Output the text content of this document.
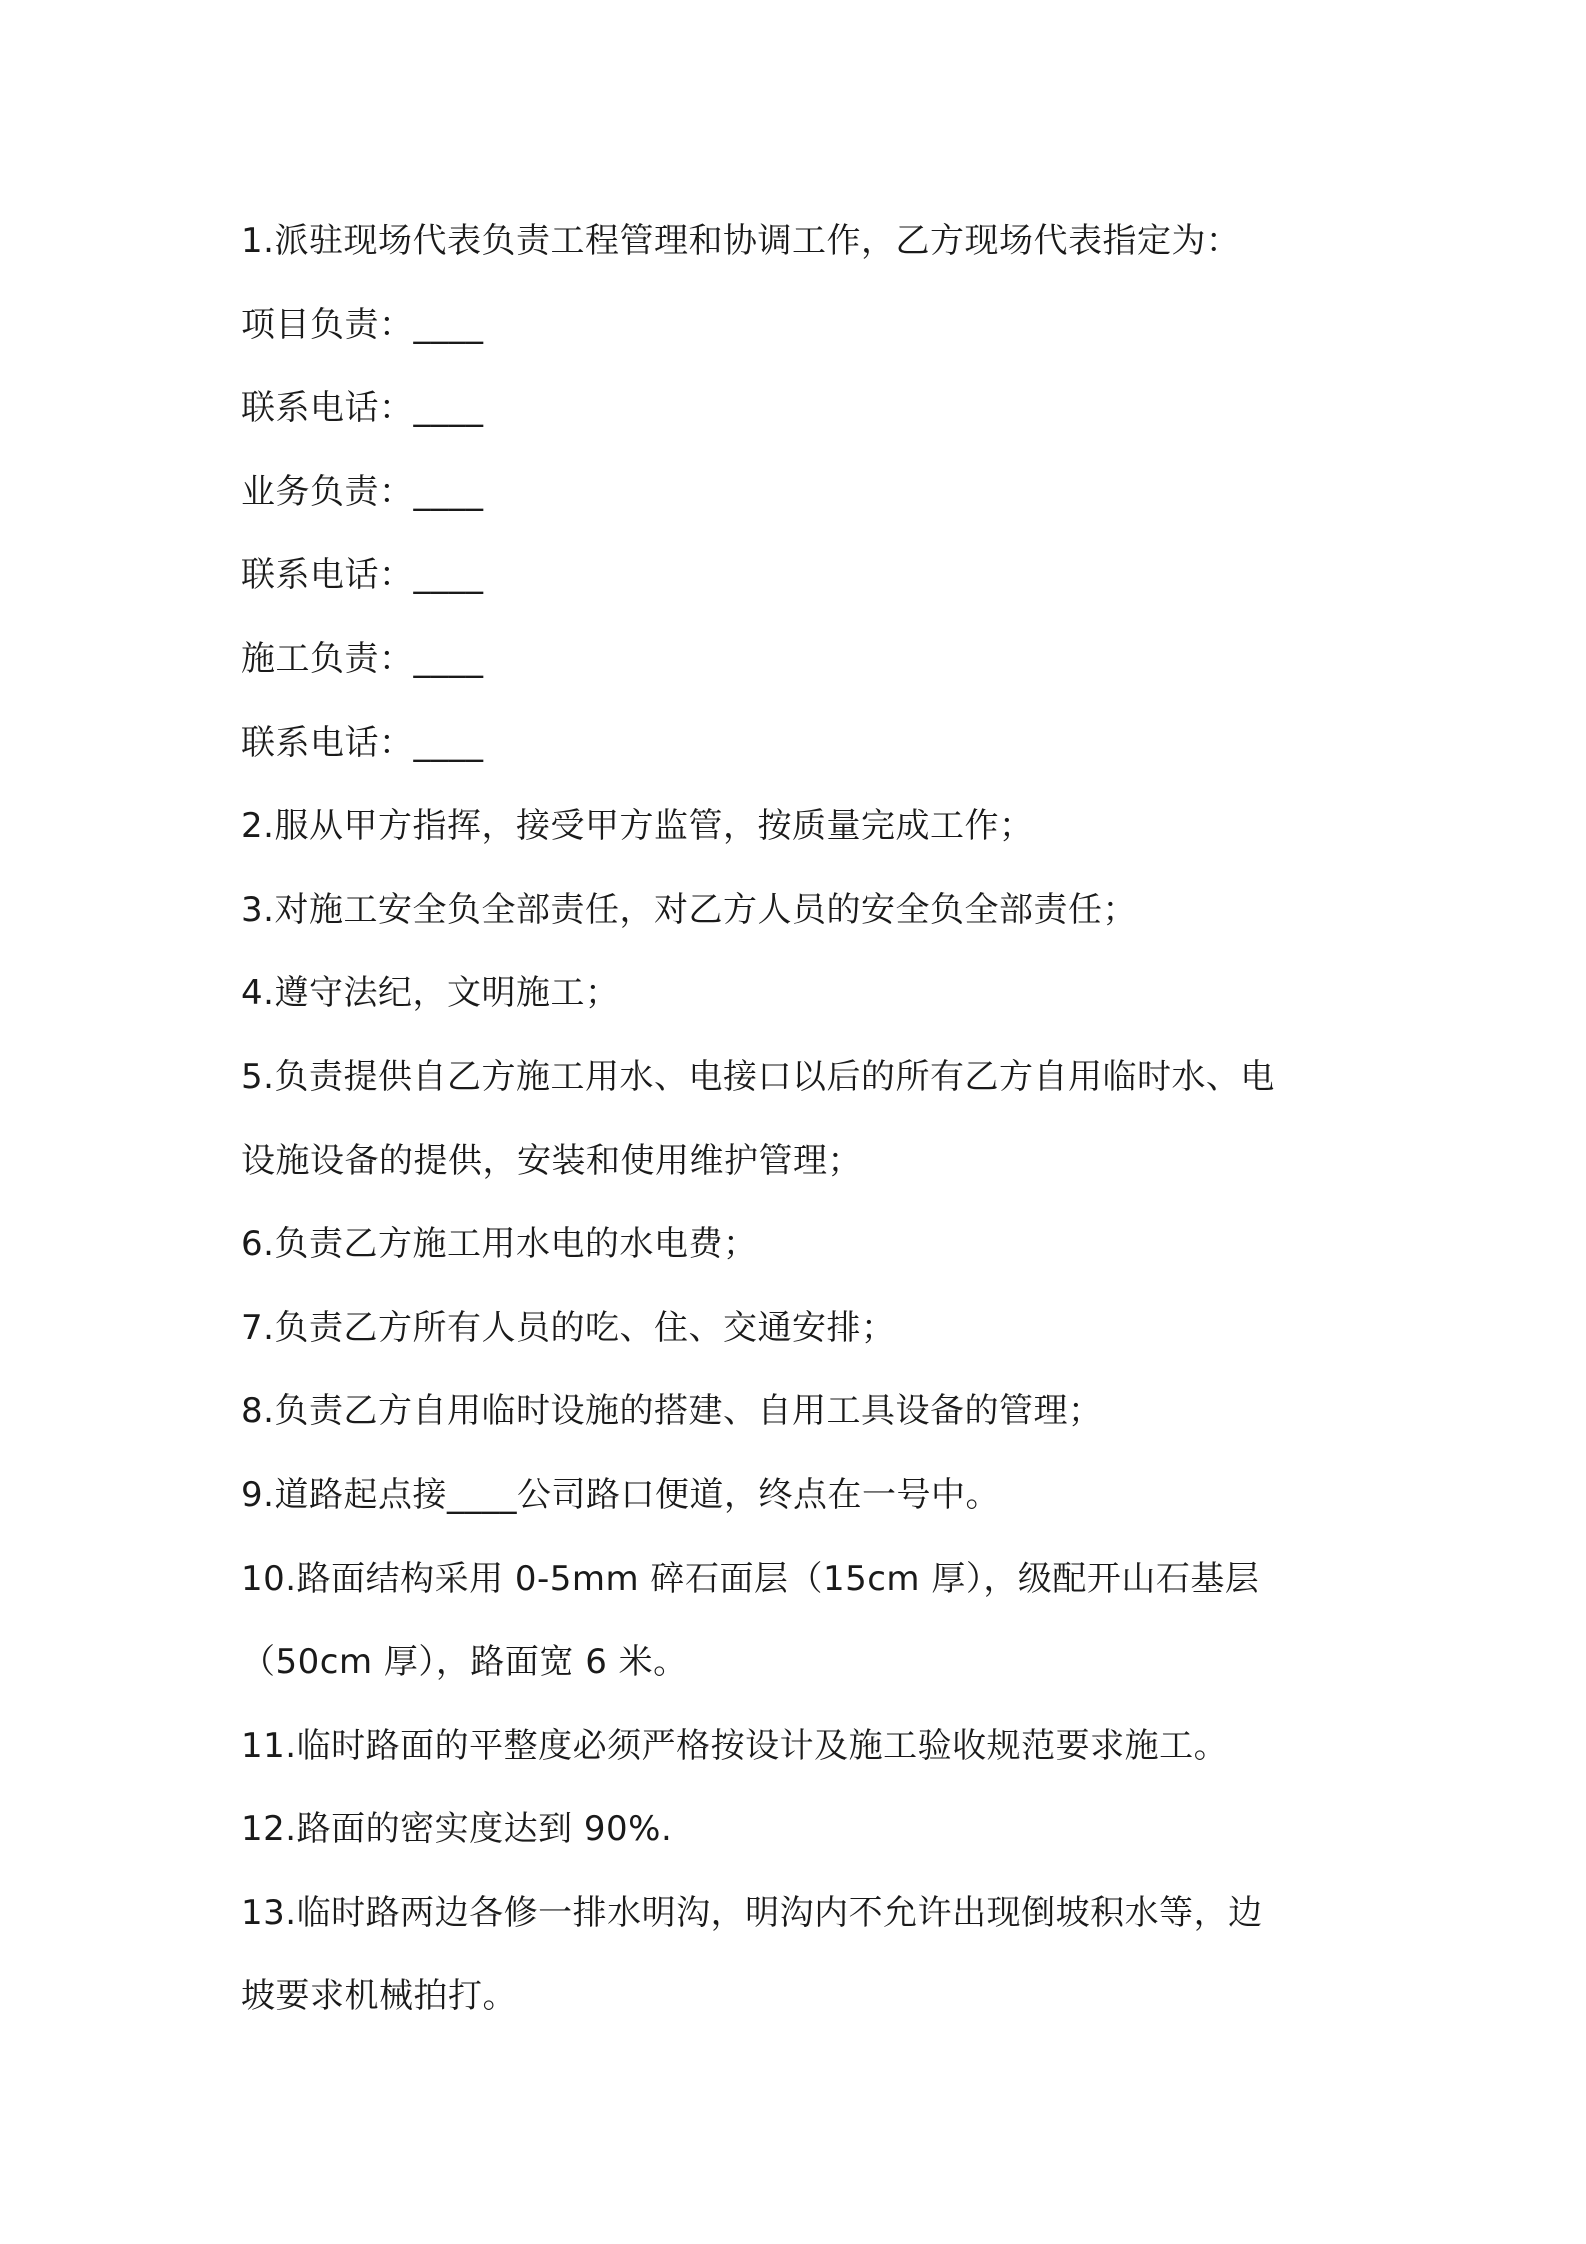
1.派驻现场代表负责工程管理和协调工作，乙方现场代表指定为：
项目负责：____
联系电话：____
业务负责：____
联系电话：____
施工负责：____
联系电话：____
2.服从甲方指挥，接受甲方监管，按质量完成工作；
3.对施工安全负全部责任，对乙方人员的安全负全部责任；
4.遵守法纪，文明施工；
5.负责提供自乙方施工用水、电接口以后的所有乙方自用临时水、电
设施设备的提供，安装和使用维护管理；
6.负责乙方施工用水电的水电费；
7.负责乙方所有人员的吃、住、交通安排；
8.负责乙方自用临时设施的搭建、自用工具设备的管理；
9.道路起点接____公司路口便道，终点在一号中。
10.路面结构采用 0-5mm 碎石面层（15cm 厚），级配开山石基层
（50cm 厚），路面宽 6 米。
11.临时路面的平整度必须严格按设计及施工验收规范要求施工。
12.路面的密实度达到 90%.
13.临时路两边各修一排水明沟，明沟内不允许出现倒坡积水等，边
坡要求机械拍打。
